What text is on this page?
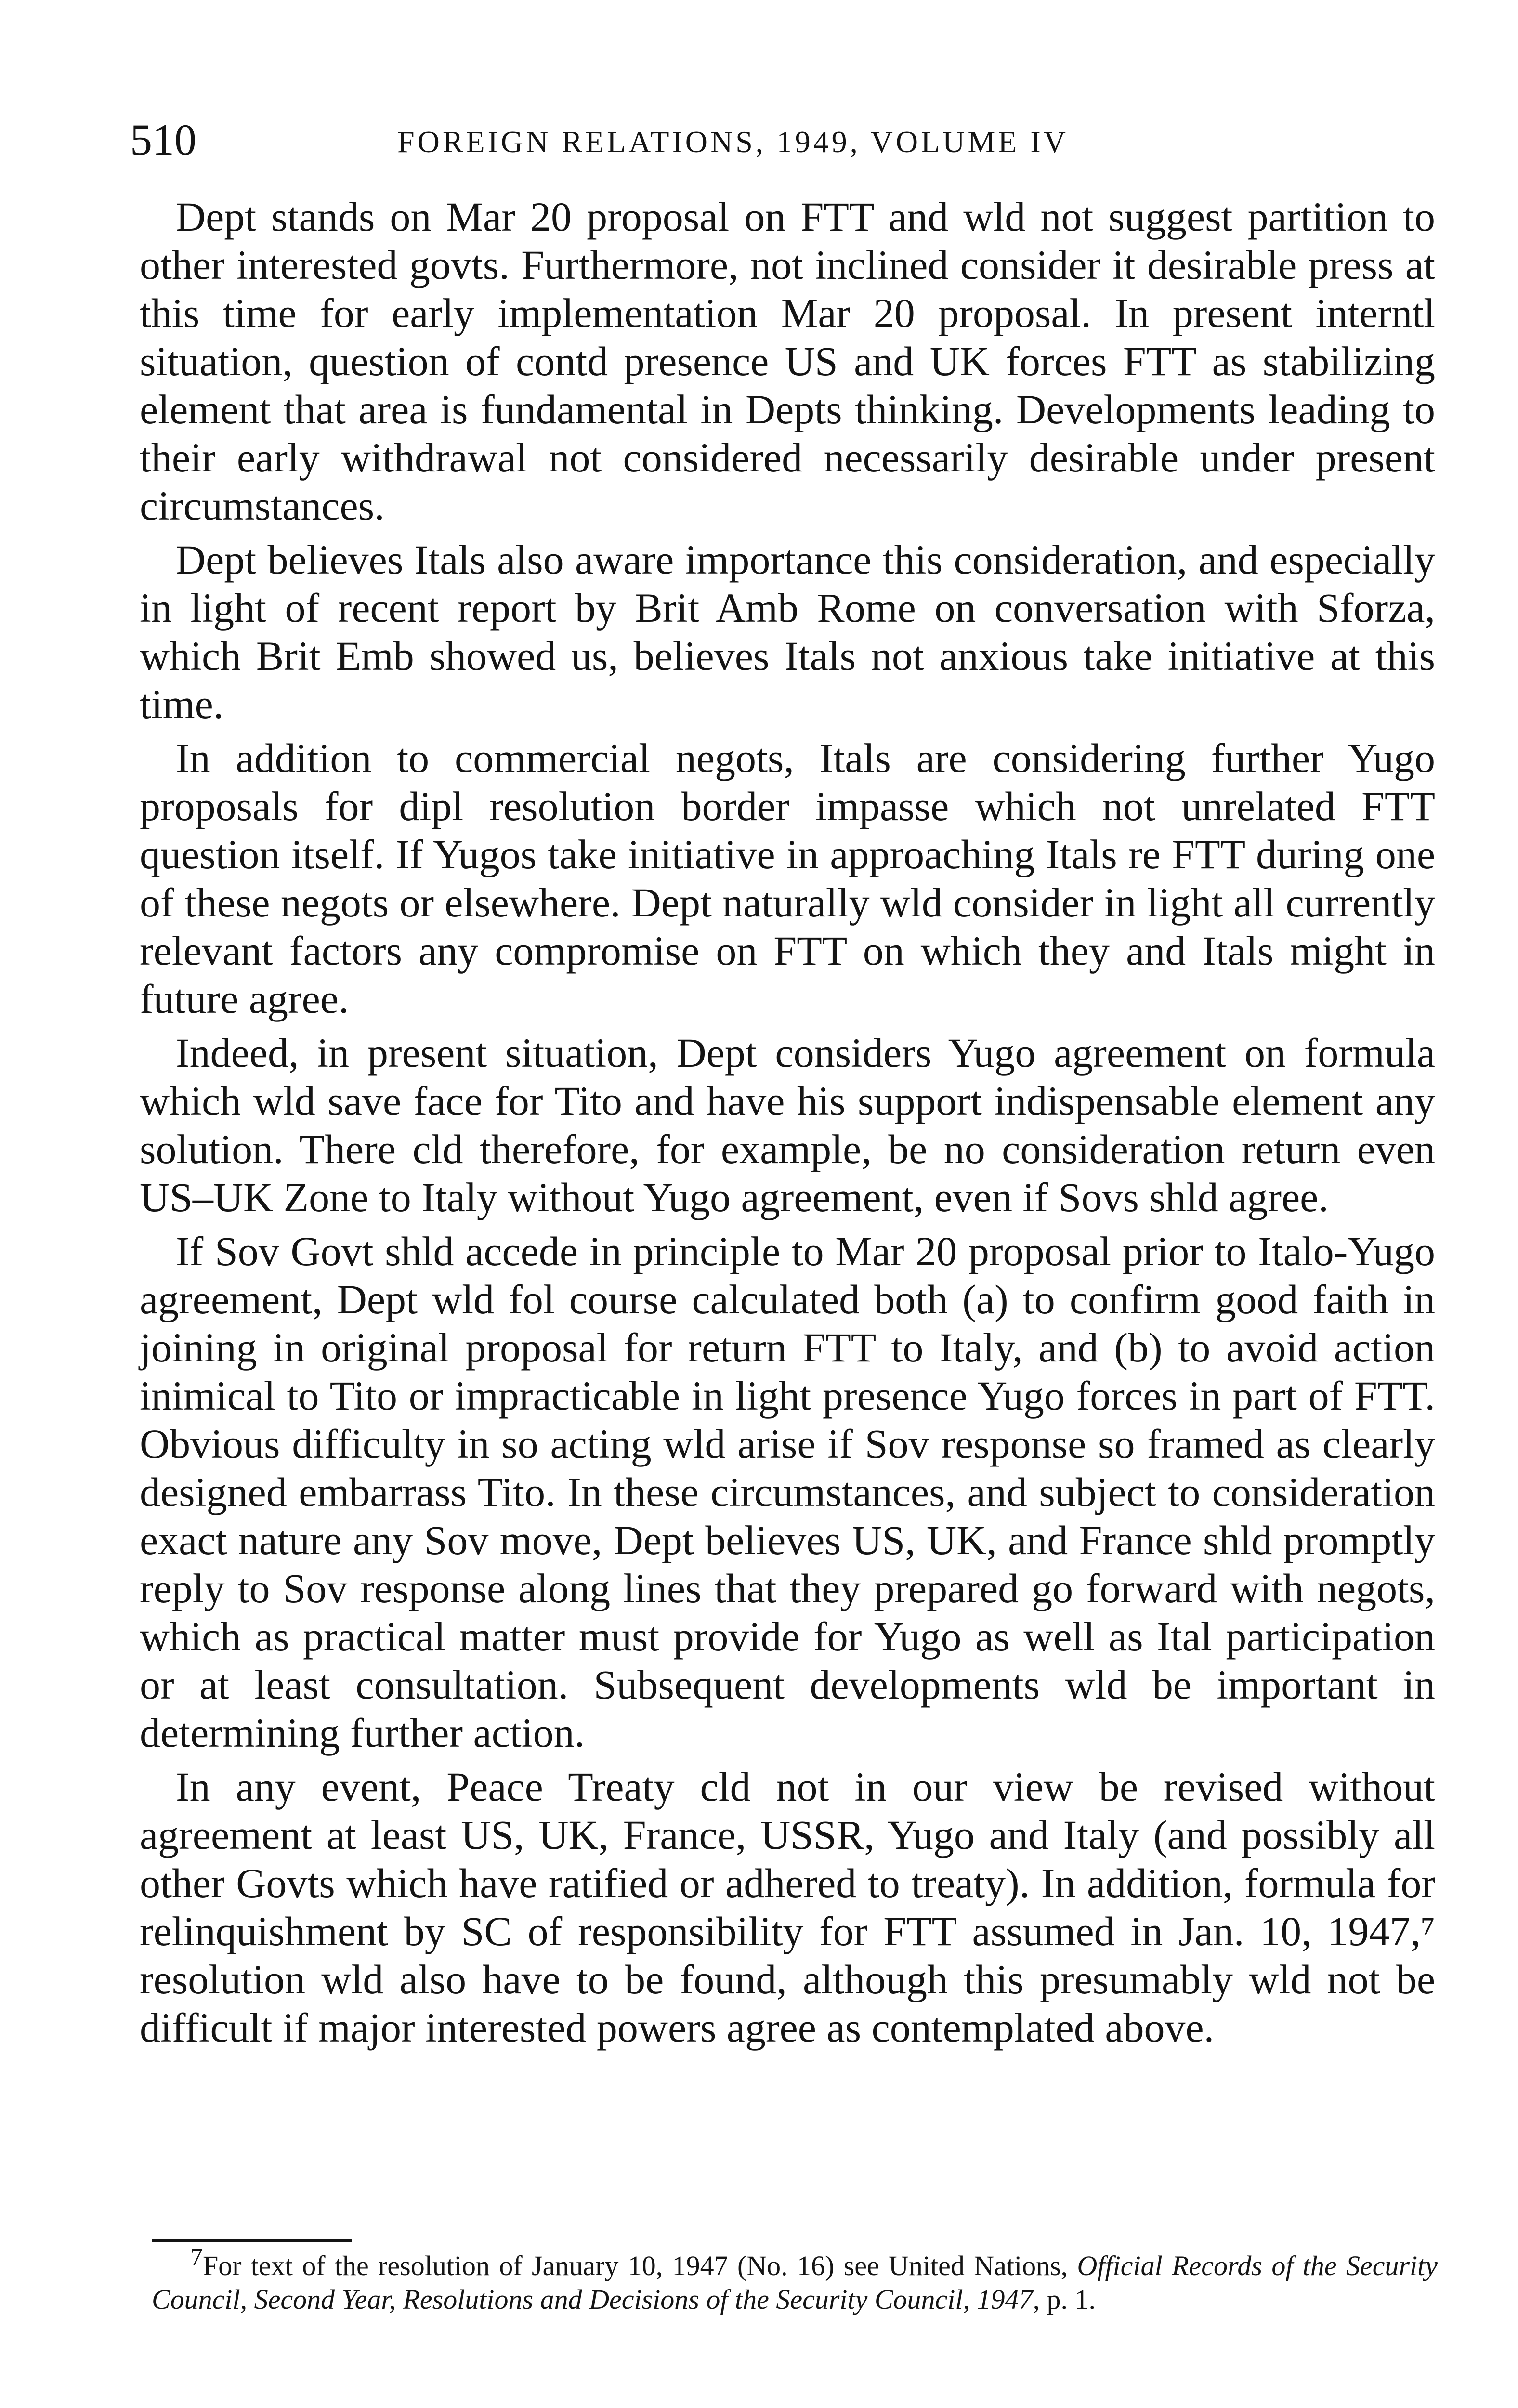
510	FOREIGN RELATIONS, 1949, VOLUME IV

Dept stands on Mar 20 proposal on FTT and wld not suggest partition to other interested govts. Furthermore, not inclined consider it desirable press at this time for early implementation Mar 20 proposal. In present interntl situation, question of contd presence US and UK forces FTT as stabilizing element that area is fundamental in Depts thinking. Developments leading to their early withdrawal not considered necessarily desirable under present circumstances.

Dept believes Itals also aware importance this consideration, and especially in light of recent report by Brit Amb Rome on conversation with Sforza, which Brit Emb showed us, believes Itals not anxious take initiative at this time.

In addition to commercial negots, Itals are considering further Yugo proposals for dipl resolution border impasse which not unrelated FTT question itself. If Yugos take initiative in approaching Itals re FTT during one of these negots or elsewhere. Dept naturally wld consider in light all currently relevant factors any compromise on FTT on which they and Itals might in future agree.

Indeed, in present situation, Dept considers Yugo agreement on formula which wld save face for Tito and have his support indispensable element any solution. There cld therefore, for example, be no consideration return even US–UK Zone to Italy without Yugo agreement, even if Sovs shld agree.

If Sov Govt shld accede in principle to Mar 20 proposal prior to Italo-Yugo agreement, Dept wld fol course calculated both (a) to confirm good faith in joining in original proposal for return FTT to Italy, and (b) to avoid action inimical to Tito or impracticable in light presence Yugo forces in part of FTT. Obvious difficulty in so acting wld arise if Sov response so framed as clearly designed embarrass Tito. In these circumstances, and subject to consideration exact nature any Sov move, Dept believes US, UK, and France shld promptly reply to Sov response along lines that they prepared go forward with negots, which as practical matter must provide for Yugo as well as Ital participation or at least consultation. Subsequent developments wld be important in determining further action.

In any event, Peace Treaty cld not in our view be revised without agreement at least US, UK, France, USSR, Yugo and Italy (and possibly all other Govts which have ratified or adhered to treaty). In addition, formula for relinquishment by SC of responsibility for FTT assumed in Jan. 10, 1947,⁷ resolution wld also have to be found, although this presumably wld not be difficult if major interested powers agree as contemplated above.

7For text of the resolution of January 10, 1947 (No. 16) see United Nations, Official Records of the Security Council, Second Year, Resolutions and Decisions of the Security Council, 1947, p. 1.
